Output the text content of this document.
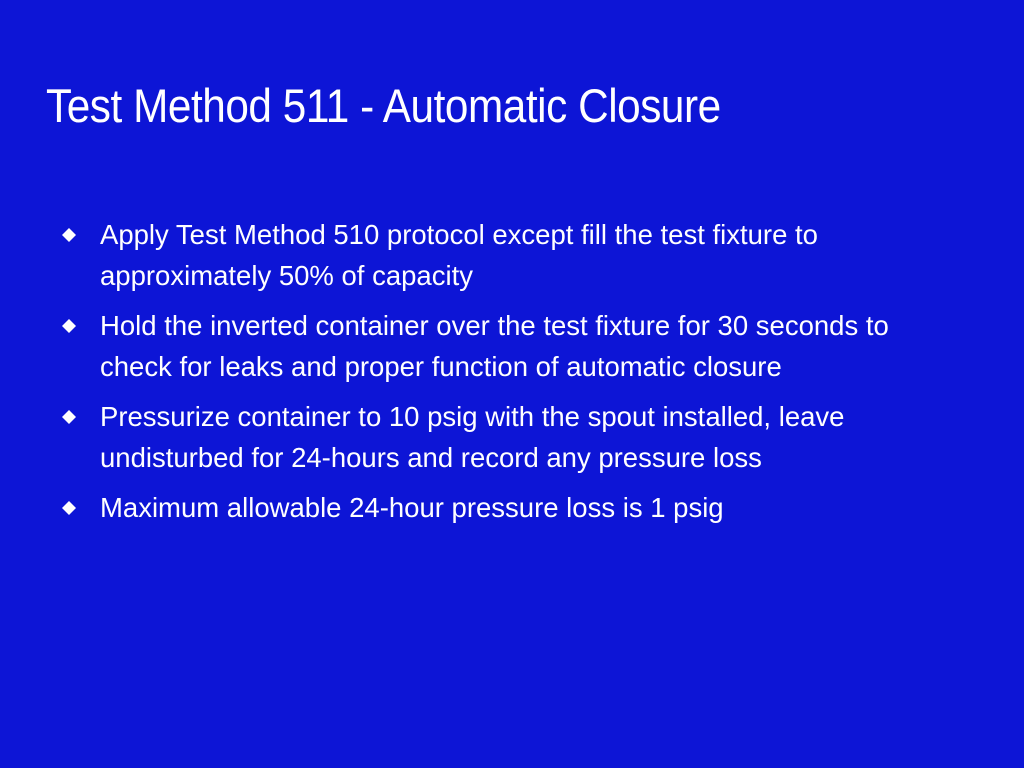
Test Method 511 - Automatic Closure
Apply Test Method 510 protocol except fill the test fixture to approximately 50% of capacity
Hold the inverted container over the test fixture for 30 seconds to check for leaks and proper function of automatic closure
Pressurize container to 10 psig with the spout installed, leave undisturbed for 24-hours and record any pressure loss
Maximum allowable 24-hour pressure loss is 1 psig
